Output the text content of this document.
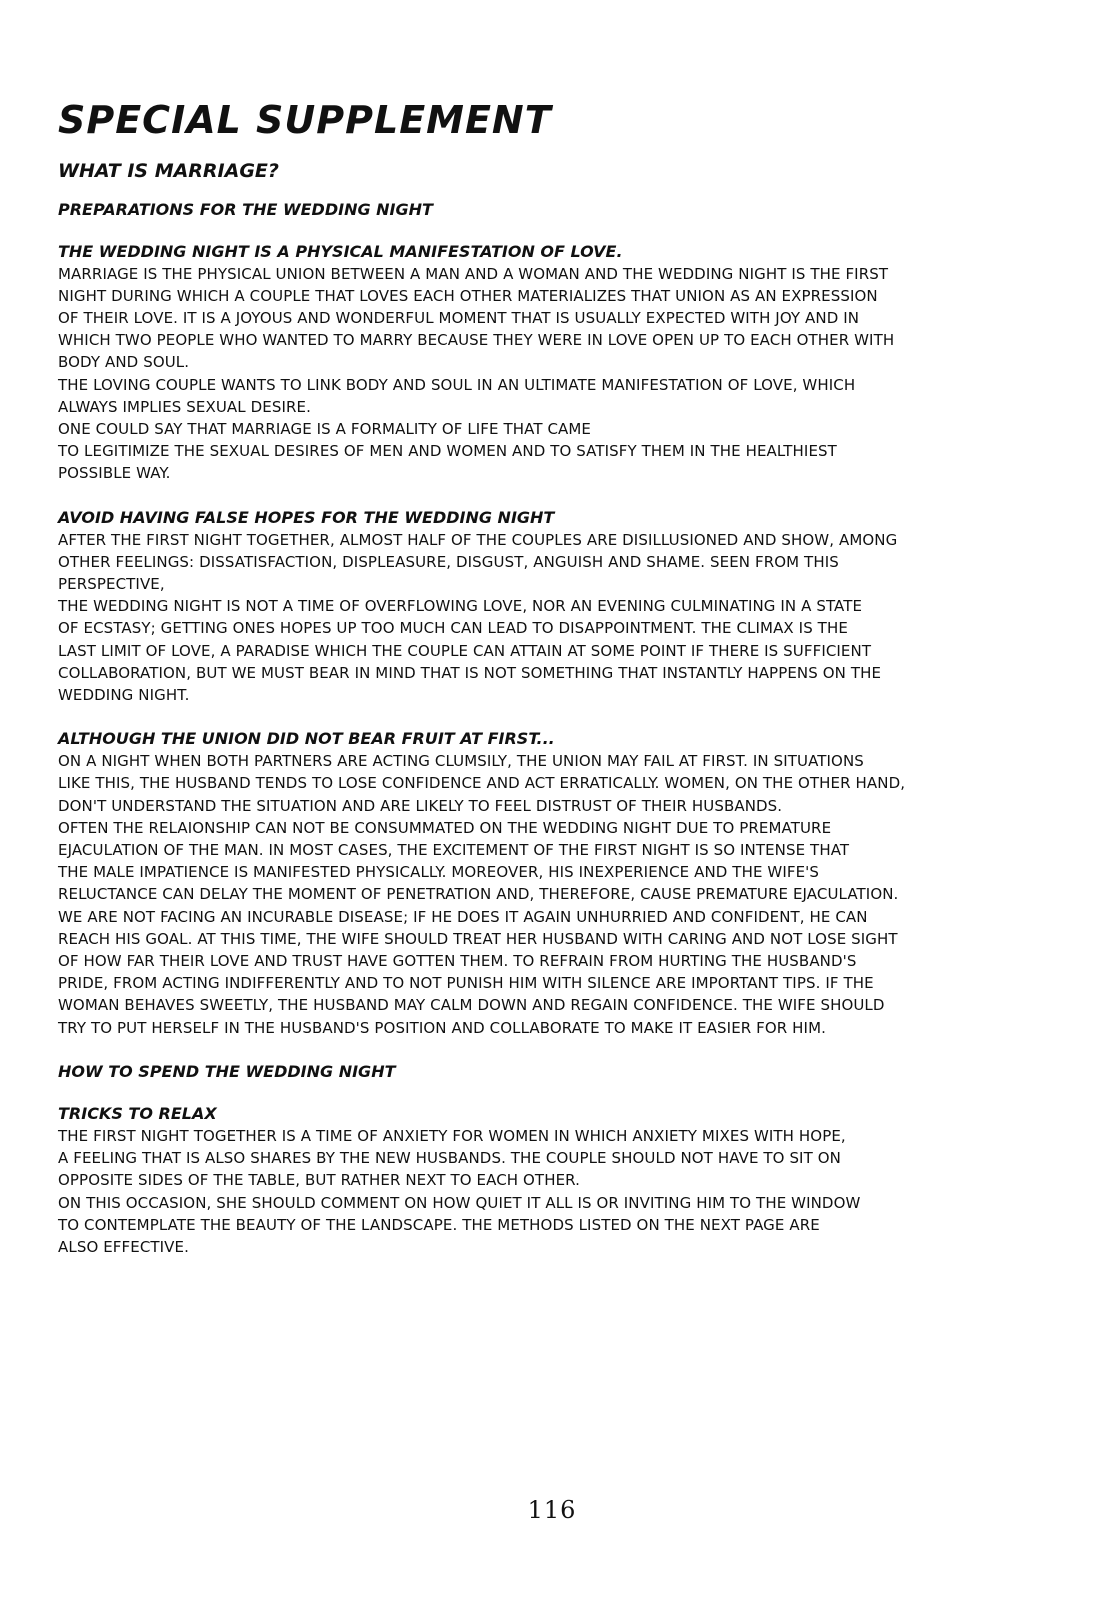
SPECIAL SUPPLEMENT
WHAT IS MARRIAGE?
PREPARATIONS FOR THE WEDDING NIGHT
THE WEDDING NIGHT IS A PHYSICAL MANIFESTATION OF LOVE.

MARRIAGE IS THE PHYSICAL UNION BETWEEN A MAN AND A WOMAN AND THE WEDDING NIGHT IS THE FIRST
NIGHT DURING WHICH A COUPLE THAT LOVES EACH OTHER MATERIALIZES THAT UNION AS AN EXPRESSION
OF THEIR LOVE. IT IS A JOYOUS AND WONDERFUL MOMENT THAT IS USUALLY EXPECTED WITH JOY AND IN
WHICH TWO PEOPLE WHO WANTED TO MARRY BECAUSE THEY WERE IN LOVE OPEN UP TO EACH OTHER WITH
BODY AND SOUL.
THE LOVING COUPLE WANTS TO LINK BODY AND SOUL IN AN ULTIMATE MANIFESTATION OF LOVE, WHICH
ALWAYS IMPLIES SEXUAL DESIRE.
ONE COULD SAY THAT MARRIAGE IS A FORMALITY OF LIFE THAT CAME
TO LEGITIMIZE THE SEXUAL DESIRES OF MEN AND WOMEN AND TO SATISFY THEM IN THE HEALTHIEST
POSSIBLE WAY.

AVOID HAVING FALSE HOPES FOR THE WEDDING NIGHT

AFTER THE FIRST NIGHT TOGETHER, ALMOST HALF OF THE COUPLES ARE DISILLUSIONED AND SHOW, AMONG
OTHER FEELINGS: DISSATISFACTION, DISPLEASURE, DISGUST, ANGUISH AND SHAME. SEEN FROM THIS
PERSPECTIVE,
THE WEDDING NIGHT IS NOT A TIME OF OVERFLOWING LOVE, NOR AN EVENING CULMINATING IN A STATE
OF ECSTASY; GETTING ONES HOPES UP TOO MUCH CAN LEAD TO DISAPPOINTMENT. THE CLIMAX IS THE
LAST LIMIT OF LOVE, A PARADISE WHICH THE COUPLE CAN ATTAIN AT SOME POINT IF THERE IS SUFFICIENT
COLLABORATION, BUT WE MUST BEAR IN MIND THAT IS NOT SOMETHING THAT INSTANTLY HAPPENS ON THE
WEDDING NIGHT.

ALTHOUGH THE UNION DID NOT BEAR FRUIT AT FIRST...

ON A NIGHT WHEN BOTH PARTNERS ARE ACTING CLUMSILY, THE UNION MAY FAIL AT FIRST. IN SITUATIONS
LIKE THIS, THE HUSBAND TENDS TO LOSE CONFIDENCE AND ACT ERRATICALLY. WOMEN, ON THE OTHER HAND,
DON'T UNDERSTAND THE SITUATION AND ARE LIKELY TO FEEL DISTRUST OF THEIR HUSBANDS.
OFTEN THE RELAIONSHIP CAN NOT BE CONSUMMATED ON THE WEDDING NIGHT DUE TO PREMATURE
EJACULATION OF THE MAN. IN MOST CASES, THE EXCITEMENT OF THE FIRST NIGHT IS SO INTENSE THAT
THE MALE IMPATIENCE IS MANIFESTED PHYSICALLY. MOREOVER, HIS INEXPERIENCE AND THE WIFE'S
RELUCTANCE CAN DELAY THE MOMENT OF PENETRATION AND, THEREFORE, CAUSE PREMATURE EJACULATION.
WE ARE NOT FACING AN INCURABLE DISEASE; IF HE DOES IT AGAIN UNHURRIED AND CONFIDENT, HE CAN
REACH HIS GOAL. AT THIS TIME, THE WIFE SHOULD TREAT HER HUSBAND WITH CARING AND NOT LOSE SIGHT
OF HOW FAR THEIR LOVE AND TRUST HAVE GOTTEN THEM. TO REFRAIN FROM HURTING THE HUSBAND'S
PRIDE, FROM ACTING INDIFFERENTLY AND TO NOT PUNISH HIM WITH SILENCE ARE IMPORTANT TIPS. IF THE
WOMAN BEHAVES SWEETLY, THE HUSBAND MAY CALM DOWN AND REGAIN CONFIDENCE. THE WIFE SHOULD
TRY TO PUT HERSELF IN THE HUSBAND'S POSITION AND COLLABORATE TO MAKE IT EASIER FOR HIM.

HOW TO SPEND THE WEDDING NIGHT
TRICKS TO RELAX

THE FIRST NIGHT TOGETHER IS A TIME OF ANXIETY FOR WOMEN IN WHICH ANXIETY MIXES WITH HOPE,
A FEELING THAT IS ALSO SHARES BY THE NEW HUSBANDS. THE COUPLE SHOULD NOT HAVE TO SIT ON
OPPOSITE SIDES OF THE TABLE, BUT RATHER NEXT TO EACH OTHER.
ON THIS OCCASION, SHE SHOULD COMMENT ON HOW QUIET IT ALL IS OR INVITING HIM TO THE WINDOW
TO CONTEMPLATE THE BEAUTY OF THE LANDSCAPE. THE METHODS LISTED ON THE NEXT PAGE ARE
ALSO EFFECTIVE.

116
